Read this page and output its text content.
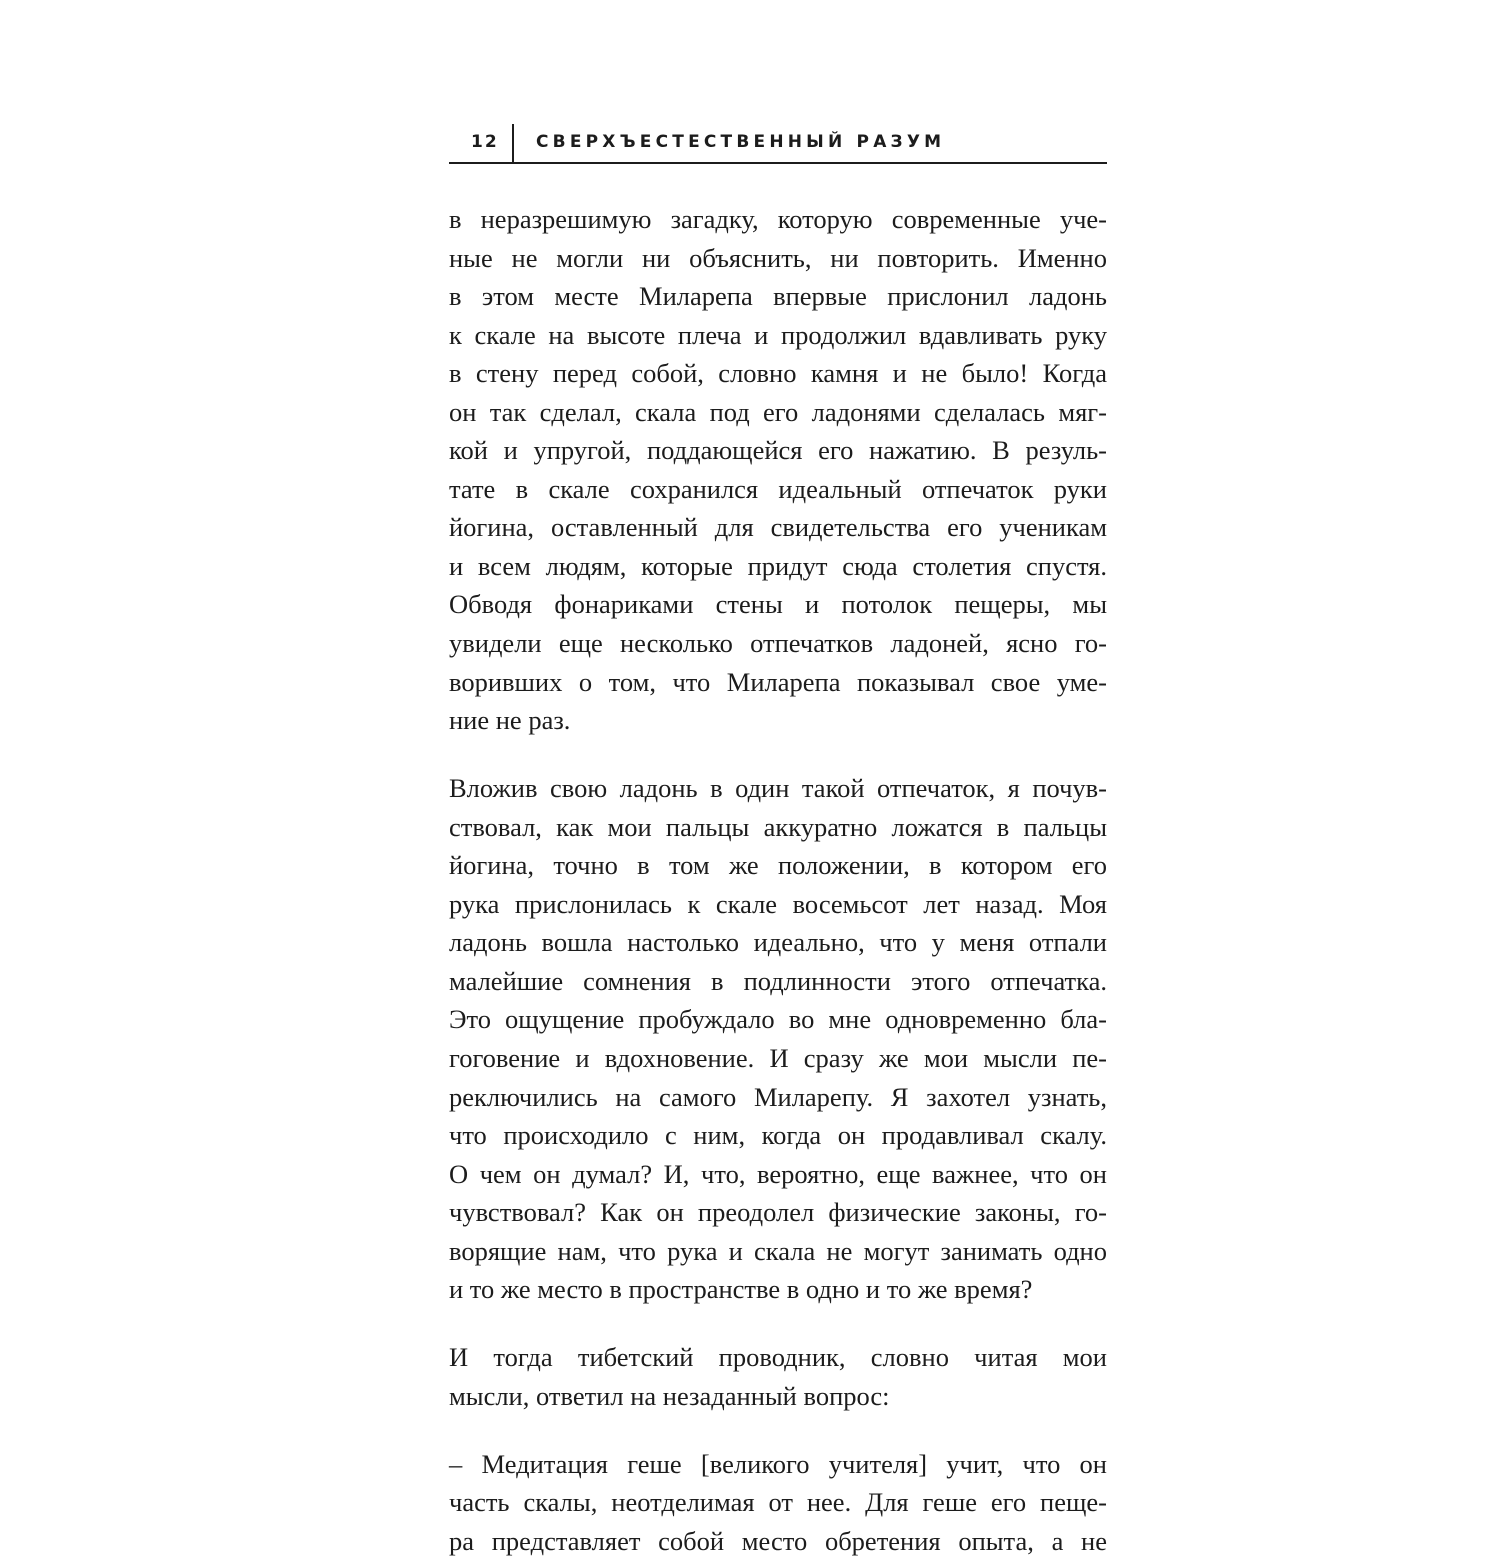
12 СВЕРХЪЕСТЕСТВЕННЫЙ РАЗУМ
в неразрешимую загадку, которую современные уче-
ные не могли ни объяснить, ни повторить. Именно
в этом месте Миларепа впервые прислонил ладонь
к скале на высоте плеча и продолжил вдавливать руку
в стену перед собой, словно камня и не было! Когда
он так сделал, скала под его ладонями сделалась мяг-
кой и упругой, поддающейся его нажатию. В резуль-
тате в скале сохранился идеальный отпечаток руки
йогина, оставленный для свидетельства его ученикам
и всем людям, которые придут сюда столетия спустя.
Обводя фонариками стены и потолок пещеры, мы
увидели еще несколько отпечатков ладоней, ясно го-
воривших о том, что Миларепа показывал свое уме-
ние не раз.
Вложив свою ладонь в один такой отпечаток, я почув-
ствовал, как мои пальцы аккуратно ложатся в пальцы
йогина, точно в том же положении, в котором его
рука прислонилась к скале восемьсот лет назад. Моя
ладонь вошла настолько идеально, что у меня отпали
малейшие сомнения в подлинности этого отпечатка.
Это ощущение пробуждало во мне одновременно бла-
гоговение и вдохновение. И сразу же мои мысли пе-
реключились на самого Миларепу. Я захотел узнать,
что происходило с ним, когда он продавливал скалу.
О чем он думал? И, что, вероятно, еще важнее, что он
чувствовал? Как он преодолел физические законы, го-
ворящие нам, что рука и скала не могут занимать одно
и то же место в пространстве в одно и то же время?
И тогда тибетский проводник, словно читая мои
мысли, ответил на незаданный вопрос:
– Медитация геше [великого учителя] учит, что он
часть скалы, неотделимая от нее. Для геше его пеще-
ра представляет собой место обретения опыта, а не
